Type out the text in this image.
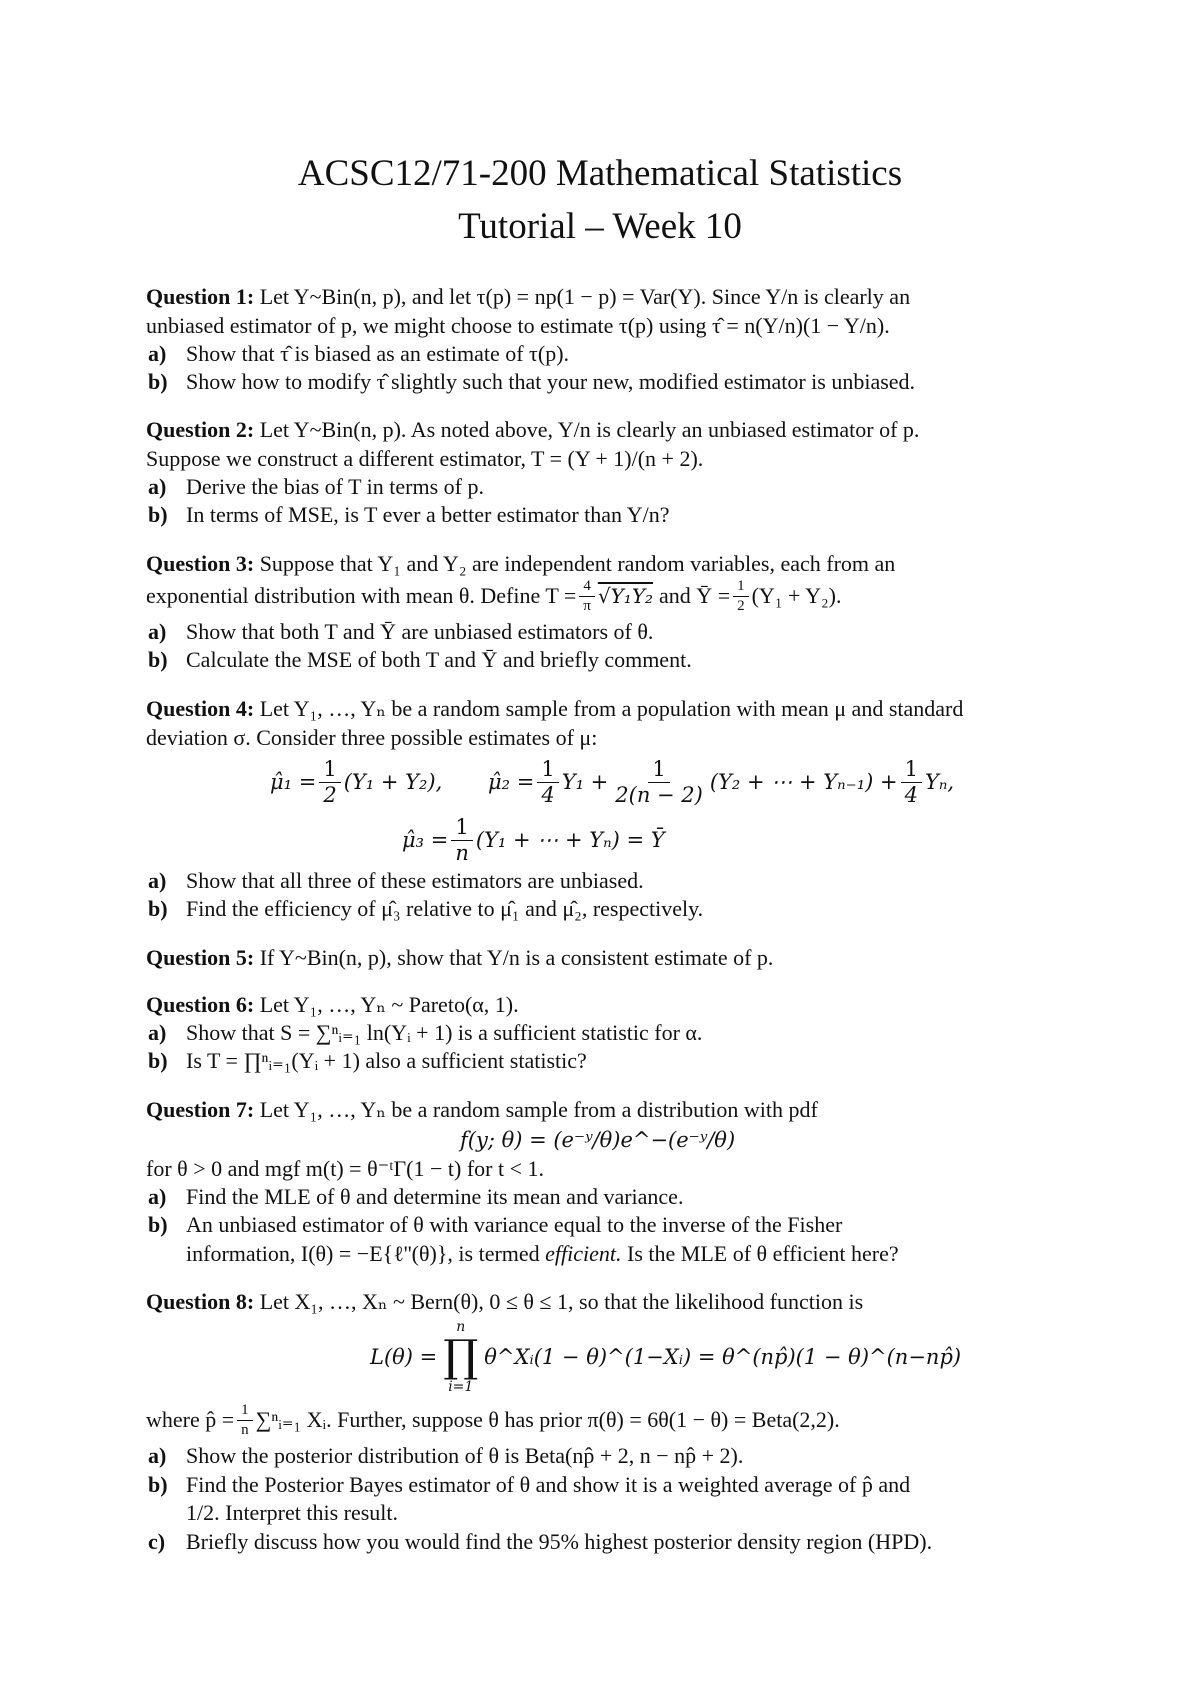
ACSC12/71-200 Mathematical Statistics
Tutorial – Week 10
Question 1: Let Y~Bin(n, p), and let τ(p) = np(1 − p) = Var(Y). Since Y/n is clearly an
unbiased estimator of p, we might choose to estimate τ(p) using τ̂ = n(Y/n)(1 − Y/n).
a) Show that τ̂ is biased as an estimate of τ(p).
b) Show how to modify τ̂ slightly such that your new, modified estimator is unbiased.
Question 2: Let Y~Bin(n, p). As noted above, Y/n is clearly an unbiased estimator of p.
Suppose we construct a different estimator, T = (Y + 1)/(n + 2).
a) Derive the bias of T in terms of p.
b) In terms of MSE, is T ever a better estimator than Y/n?
Question 3: Suppose that Y₁ and Y₂ are independent random variables, each from an
exponential distribution with mean θ. Define $T = \frac{4}{\pi} √Y_1Y_2$ and Ȳ = $\frac{1}{2} (Y_1 + Y_2)$.
a) Show that both T and Ȳ are unbiased estimators of θ.
b) Calculate the MSE of both T and Ȳ and briefly comment.
Question 4: Let Y₁, …, Yₙ be a random sample from a population with mean μ and standard
deviation σ. Consider three possible estimates of μ:
μ̂₁ = $\frac{1}{2} (Y_1 + Y_2)$, μ̂₂ = $\frac{1}{4} Y_1 + \frac{1}{2(n - 2)} (Y_2$ + ⋯ + $Y_{n-1}) + \frac{1}{4} Y_n$,
μ̂₃ = $\frac{1}{n} (Y_1$ + ⋯ + Yₙ) = Ȳ
a) Show that all three of these estimators are unbiased.
b) Find the efficiency of μ̂₃ relative to μ̂₁ and μ̂₂, respectively.
Question 5: If Y~Bin(n, p), show that Y/n is a consistent estimate of p.
Question 6: Let Y₁, …, Yₙ ~ Pareto(α, 1).
a) Show that S = ∑ⁿᵢ₌₁ ln(Yᵢ + 1) is a sufficient statistic for α.
b) Is T = ∏ⁿᵢ₌₁(Yᵢ + 1) also a sufficient statistic?
Question 7: Let Y₁, …, Yₙ be a random sample from a distribution with pdf
f(y; θ) = (e⁻ʸ/θ)e^−(e⁻ʸ/θ)
for θ > 0 and mgf m(t) = θ⁻ᵗΓ(1 − t) for t < 1.
a) Find the MLE of θ and determine its mean and variance.
b) An unbiased estimator of θ with variance equal to the inverse of the Fisher
information, I(θ) = −E{ℓ''(θ)}, is termed efficient. Is the MLE of θ efficient here?
Question 8: Let X₁, …, Xₙ ~ Bern(θ), 0 ≤ θ ≤ 1, so that the likelihood function is
L(θ) =
n
∏
i=1
θ^Xᵢ(1 − θ)^(1−Xᵢ) = θ^(np̂)(1 − θ)^(n−np̂)
where p̂ = $\frac{1}{n}$ ∑ⁿᵢ₌₁ Xᵢ. Further, suppose θ has prior π(θ) = 6θ(1 − θ) = Beta(2,2).
a) Show the posterior distribution of θ is Beta(np̂ + 2, n − np̂ + 2).
b) Find the Posterior Bayes estimator of θ and show it is a weighted average of p̂ and
1/2. Interpret this result.
c) Briefly discuss how you would find the 95% highest posterior density region (HPD).
